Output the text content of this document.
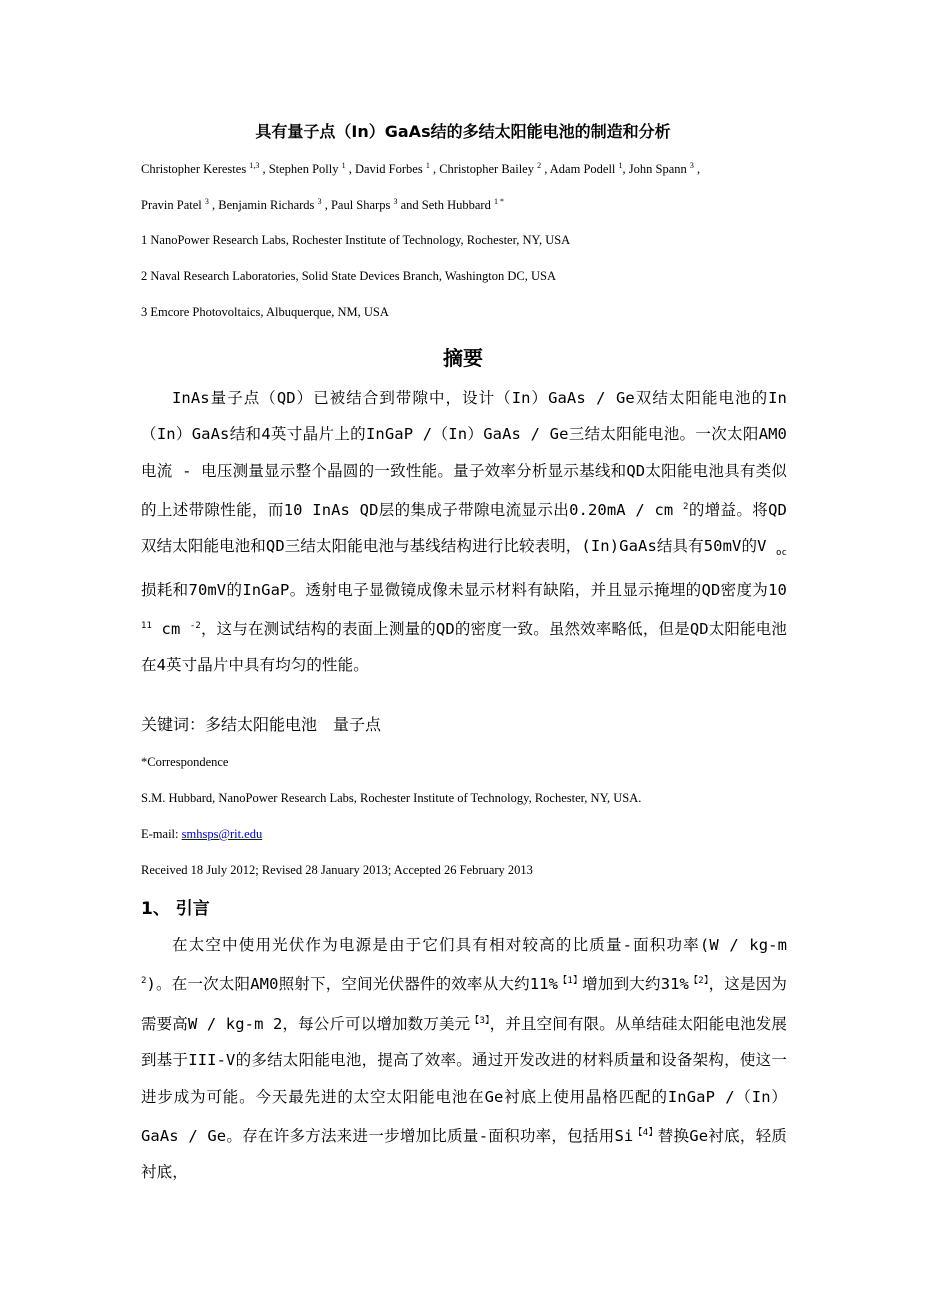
具有量子点（In）GaAs结的多结太阳能电池的制造和分析
Christopher Kerestes $^{1,3}$ , Stephen Polly $^1$ , David Forbes $^1$ , Christopher Bailey $^2$ , Adam Podell $^1$, John Spann $^3$ ,
Pravin Patel $^3$ , Benjamin Richards $^3$ , Paul Sharps $^3$ and Seth Hubbard $^{1 *}$
1 NanoPower Research Labs, Rochester Institute of Technology, Rochester, NY, USA
2 Naval Research Laboratories, Solid State Devices Branch, Washington DC, USA
3 Emcore Photovoltaics, Albuquerque, NM, USA
摘要
InAs量子点（QD）已被结合到带隙中，设计（In）GaAs / Ge双结太阳能电池的In（In）GaAs结和4英寸晶片上的InGaP /（In）GaAs / Ge三结太阳能电池。一次太阳AM0电流 - 电压测量显示整个晶圆的一致性能。量子效率分析显示基线和QD太阳能电池具有类似的上述带隙性能，而10 InAs QD层的集成子带隙电流显示出0.20mA / cm $^2$的增益。将QD双结太阳能电池和QD三结太阳能电池与基线结构进行比较表明，(In)GaAs结具有50mV的V $_{oc}$损耗和70mV的InGaP。透射电子显微镜成像未显示材料有缺陷，并且显示掩埋的QD密度为10 $^{11}$ cm $^{-2}$，这与在测试结构的表面上测量的QD的密度一致。虽然效率略低，但是QD太阳能电池在4英寸晶片中具有均匀的性能。
关键词：多结太阳能电池 量子点
*Correspondence
S.M. Hubbard, NanoPower Research Labs, Rochester Institute of Technology, Rochester, NY, USA.
E-mail: smhsps@rit.edu
Received 18 July 2012; Revised 28 January 2013; Accepted 26 February 2013
1、 引言
在太空中使用光伏作为电源是由于它们具有相对较高的比质量-面积功率(W / kg-m $^2$)。在一次太阳AM0照射下，空间光伏器件的效率从大约11%$^{【1】}$增加到大约31%$^{【2】}$，这是因为需要高W / kg-m 2，每公斤可以增加数万美元$^{【3】}$，并且空间有限。从单结硅太阳能电池发展到基于III-V的多结太阳能电池，提高了效率。通过开发改进的材料质量和设备架构，使这一进步成为可能。今天最先进的太空太阳能电池在Ge衬底上使用晶格匹配的InGaP /（In）GaAs / Ge。存在许多方法来进一步增加比质量-面积功率，包括用$Si^{【4】}$替换Ge衬底，轻质衬底，
